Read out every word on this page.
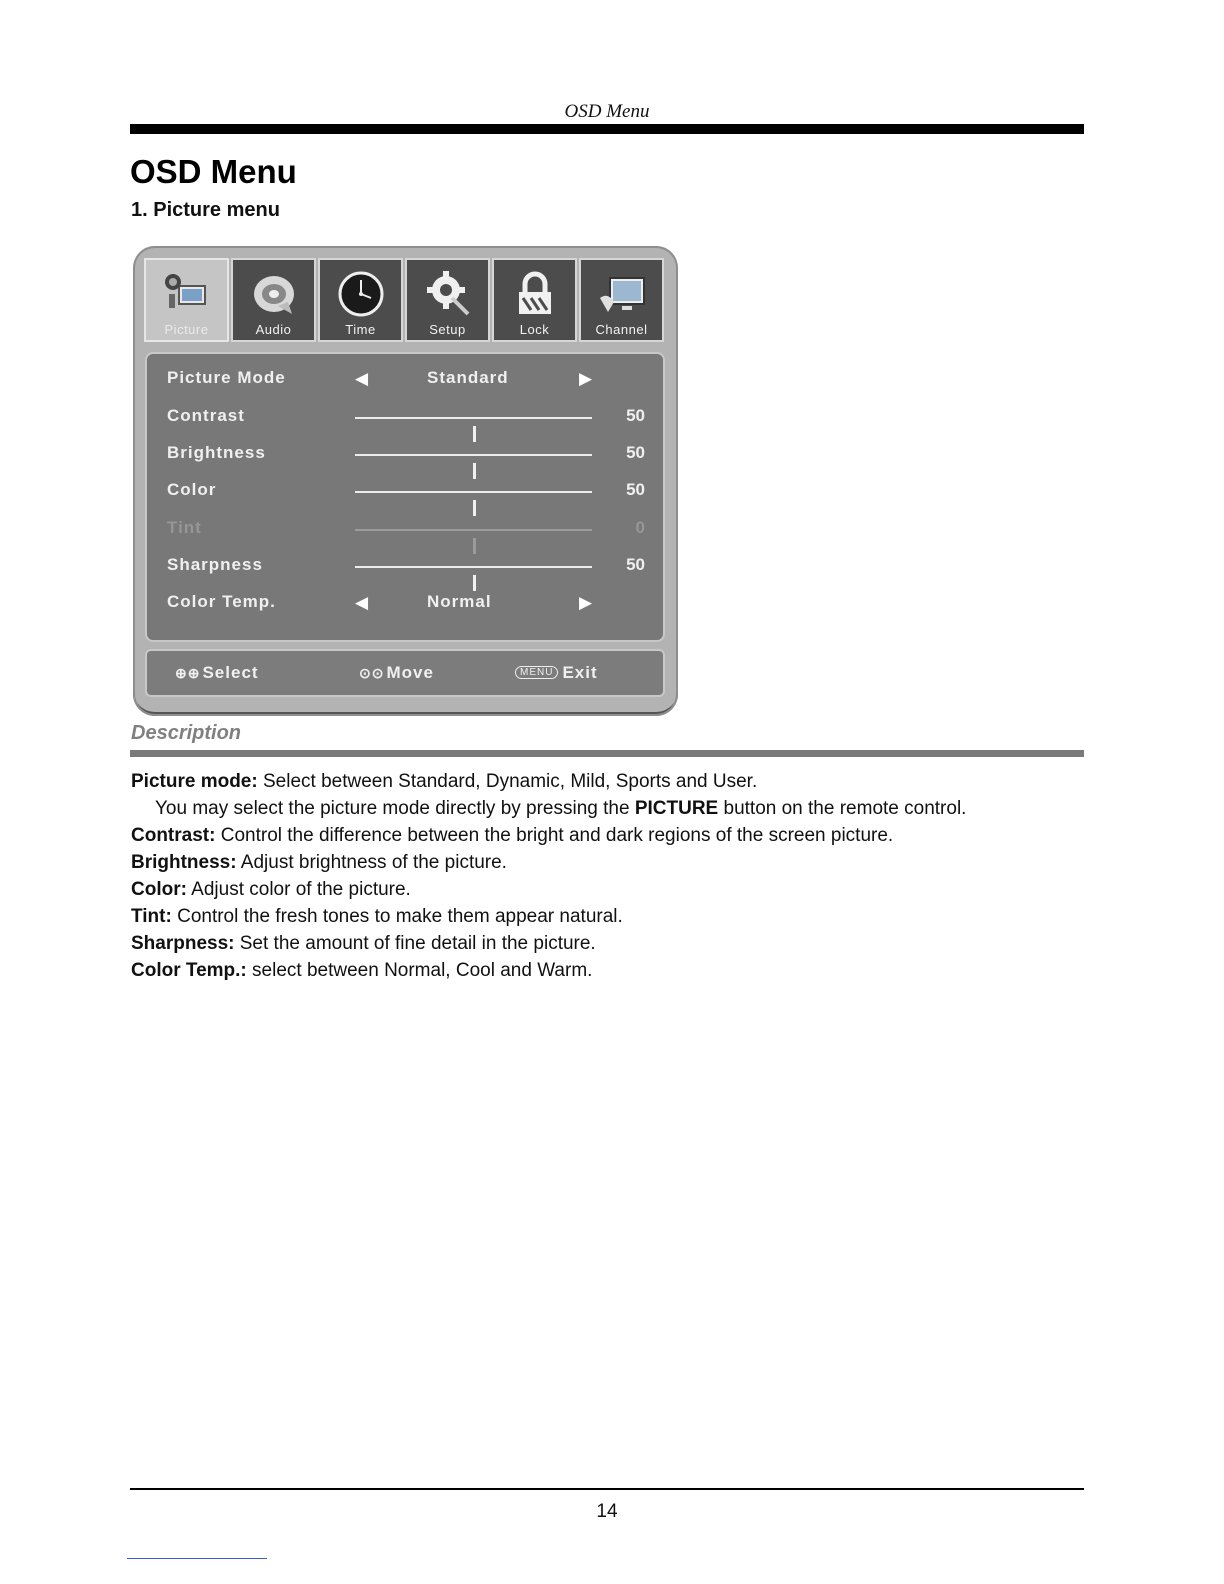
OSD Menu
OSD Menu
1. Picture menu
Picture	Audio	Time	Setup	Lock	Channel
Picture Mode	◀	Standard	▶
Contrast	50
Brightness	50
Color	50
Tint	0
Sharpness	50
Color Temp.	◀	Normal	▶
⊕⊕ Select	⊙⊙ Move	MENU Exit
Description

Picture mode: Select between Standard, Dynamic, Mild, Sports and User.

You may select the picture mode directly by pressing the PICTURE button on the remote control.

Contrast: Control the difference between the bright and dark regions of the screen picture.

Brightness: Adjust brightness of the picture.

Color: Adjust color of the picture.

Tint: Control the fresh tones to make them appear natural.

Sharpness: Set the amount of fine detail in the picture.

Color Temp.: select between Normal, Cool and Warm.

14
